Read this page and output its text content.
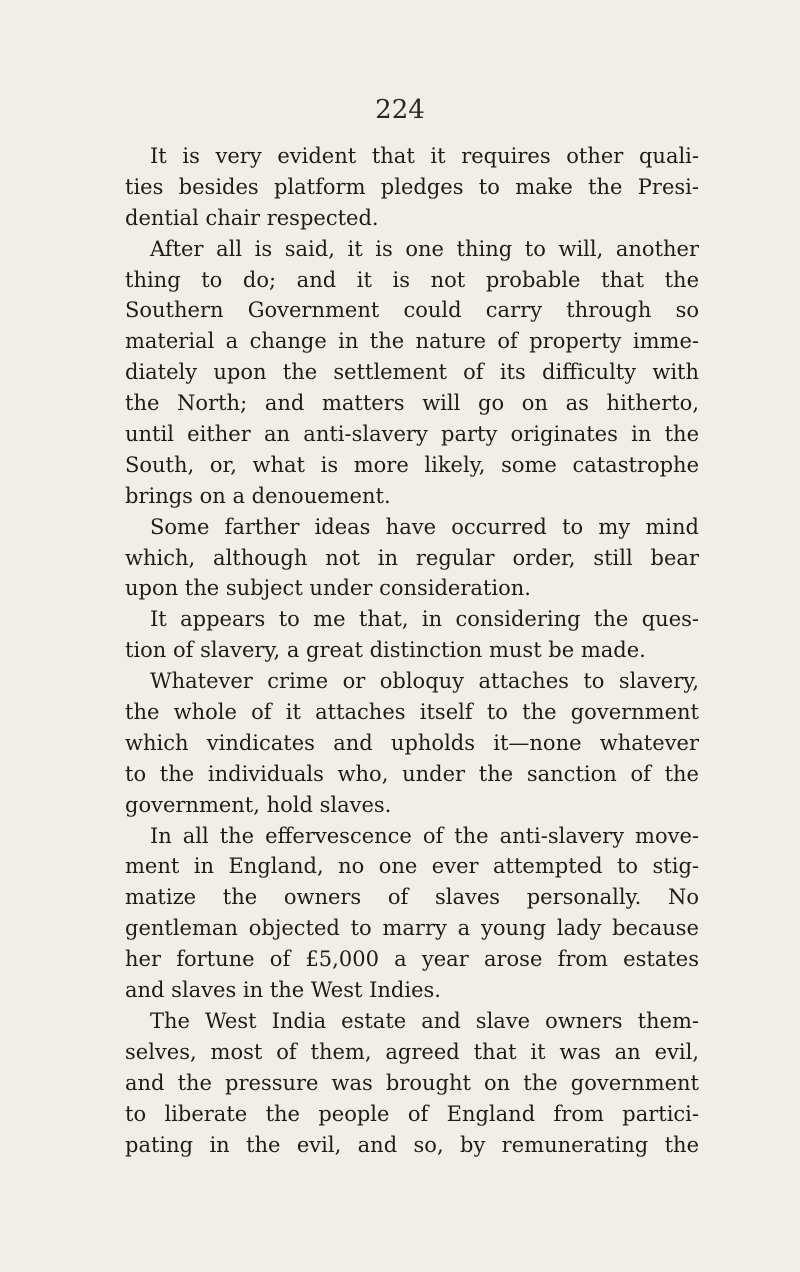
224
It is very evident that it requires other quali-
ties besides platform pledges to make the Presi-
dential chair respected.
After all is said, it is one thing to will, another
thing to do; and it is not probable that the
Southern Government could carry through so
material a change in the nature of property imme-
diately upon the settlement of its difficulty with
the North; and matters will go on as hitherto,
until either an anti-slavery party originates in the
South, or, what is more likely, some catastrophe
brings on a denouement.
Some farther ideas have occurred to my mind
which, although not in regular order, still bear
upon the subject under consideration.
It appears to me that, in considering the ques-
tion of slavery, a great distinction must be made.
Whatever crime or obloquy attaches to slavery,
the whole of it attaches itself to the government
which vindicates and upholds it—none whatever
to the individuals who, under the sanction of the
government, hold slaves.
In all the effervescence of the anti-slavery move-
ment in England, no one ever attempted to stig-
matize the owners of slaves personally. No
gentleman objected to marry a young lady because
her fortune of £5,000 a year arose from estates
and slaves in the West Indies.
The West India estate and slave owners them-
selves, most of them, agreed that it was an evil,
and the pressure was brought on the government
to liberate the people of England from partici-
pating in the evil, and so, by remunerating the
